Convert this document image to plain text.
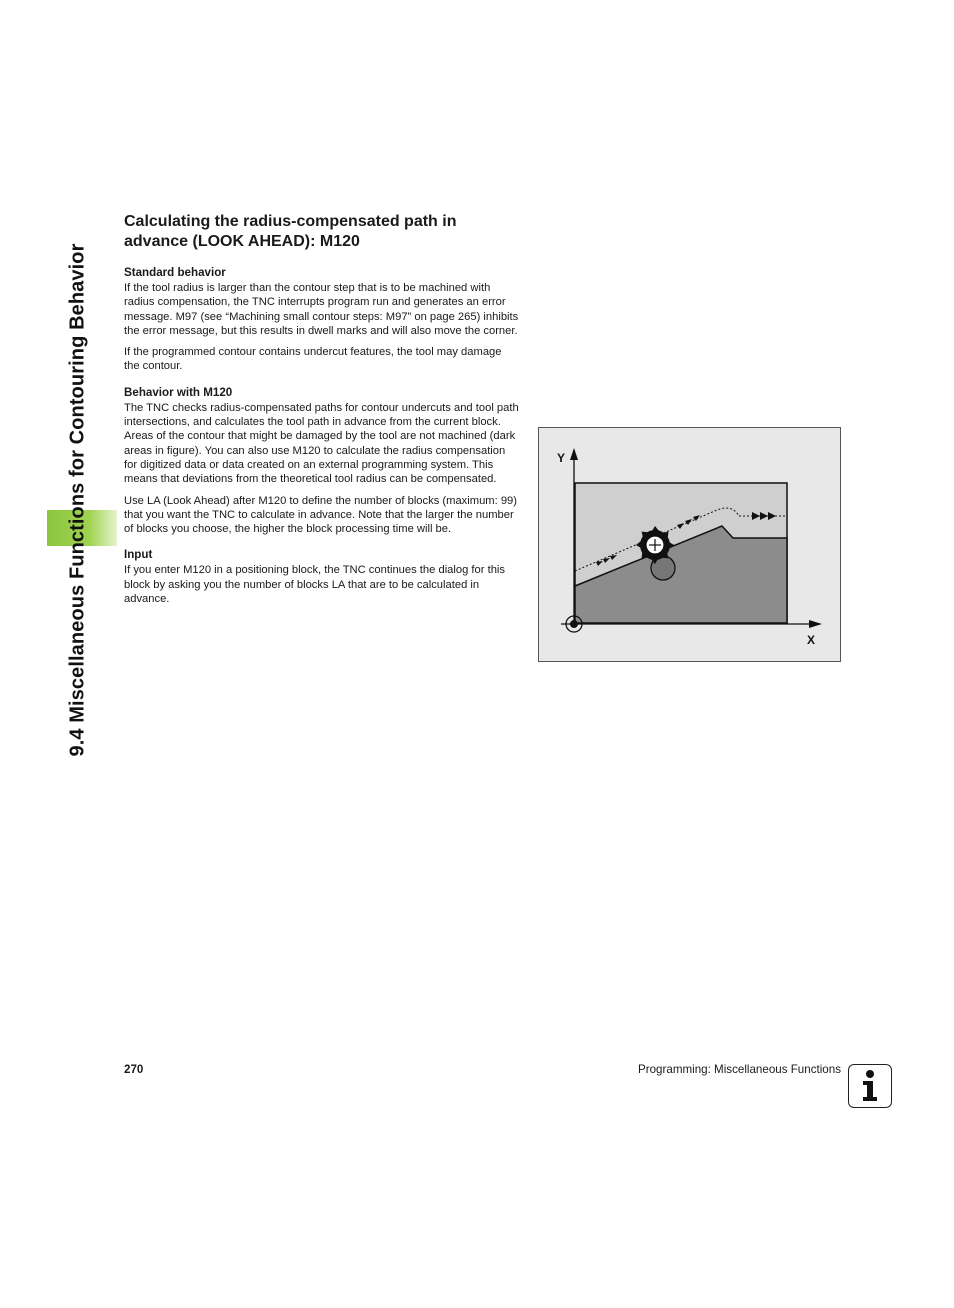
9.4 Miscellaneous Functions for Contouring Behavior
Calculating the radius-compensated path in advance (LOOK AHEAD): M120
Standard behavior

If the tool radius is larger than the contour step that is to be machined with radius compensation, the TNC interrupts program run and generates an error message. M97 (see “Machining small contour steps: M97” on page 265) inhibits the error message, but this results in dwell marks and will also move the corner.

If the programmed contour contains undercut features, the tool may damage the contour.

Behavior with M120

The TNC checks radius-compensated paths for contour undercuts and tool path intersections, and calculates the tool path in advance from the current block. Areas of the contour that might be damaged by the tool are not machined (dark areas in figure). You can also use M120 to calculate the radius compensation for digitized data or data created on an external programming system. This means that deviations from the theoretical tool radius can be compensated.

Use LA (Look Ahead) after M120 to define the number of blocks (maximum: 99) that you want the TNC to calculate in advance. Note that the larger the number of blocks you choose, the higher the block processing time will be.

Input

If you enter M120 in a positioning block, the TNC continues the dialog for this block by asking you the number of blocks LA that are to be calculated in advance.

Y
X
270	Programming: Miscellaneous Functions
